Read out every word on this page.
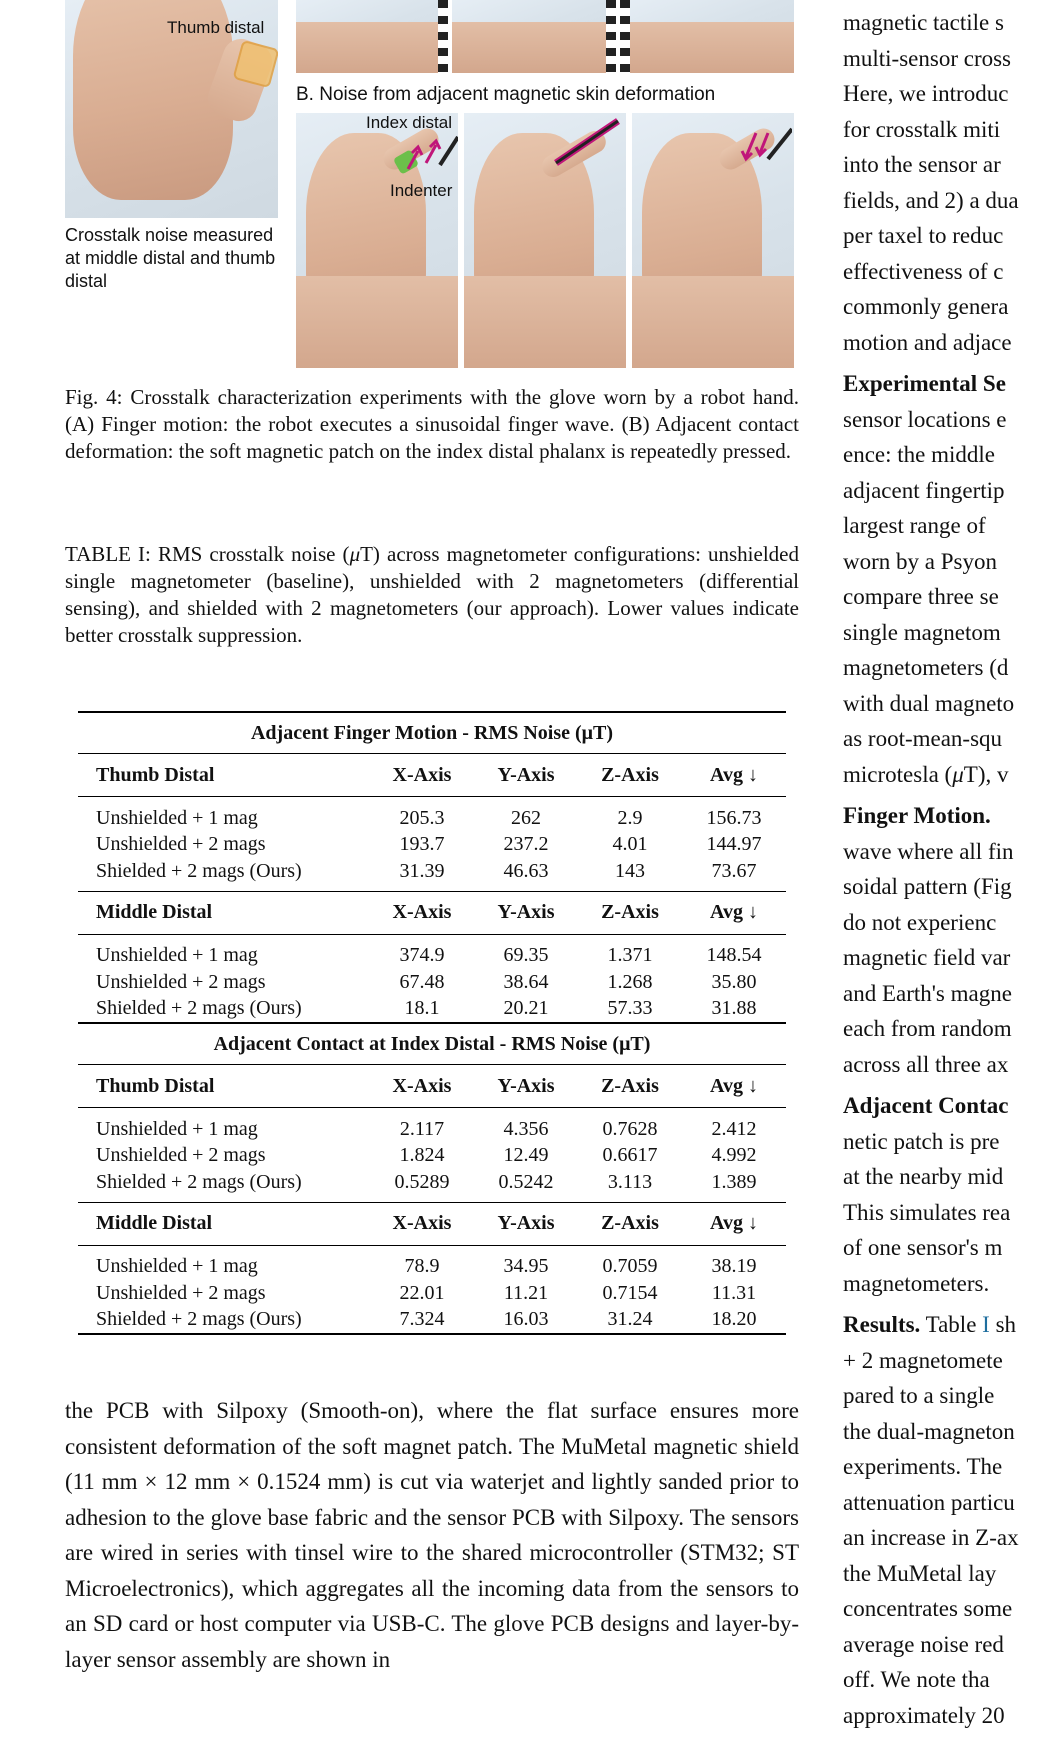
Thumb distal
Crosstalk noise measured at middle distal and thumb distal
B. Noise from adjacent magnetic skin deformation
Index distal
Indenter
Fig. 4: Crosstalk characterization experiments with the glove worn by a robot hand. (A) Finger motion: the robot executes a sinusoidal finger wave. (B) Adjacent contact deformation: the soft magnetic patch on the index distal phalanx is repeatedly pressed.
TABLE I: RMS crosstalk noise (μT) across magnetometer configurations: unshielded single magnetometer (baseline), unshielded with 2 magnetometers (differential sensing), and shielded with 2 magnetometers (our approach). Lower values indicate better crosstalk suppression.
Adjacent Finger Motion - RMS Noise (μT)				
Thumb Distal	X-Axis	Y-Axis	Z-Axis	Avg ↓
Unshielded + 1 mag	205.3	262	2.9	156.73
Unshielded + 2 mags	193.7	237.2	4.01	144.97
Shielded + 2 mags (Ours)	31.39	46.63	143	73.67
Middle Distal	X-Axis	Y-Axis	Z-Axis	Avg ↓
Unshielded + 1 mag	374.9	69.35	1.371	148.54
Unshielded + 2 mags	67.48	38.64	1.268	35.80
Shielded + 2 mags (Ours)	18.1	20.21	57.33	31.88
Adjacent Contact at Index Distal - RMS Noise (μT)				
Thumb Distal	X-Axis	Y-Axis	Z-Axis	Avg ↓
Unshielded + 1 mag	2.117	4.356	0.7628	2.412
Unshielded + 2 mags	1.824	12.49	0.6617	4.992
Shielded + 2 mags (Ours)	0.5289	0.5242	3.113	1.389
Middle Distal	X-Axis	Y-Axis	Z-Axis	Avg ↓
Unshielded + 1 mag	78.9	34.95	0.7059	38.19
Unshielded + 2 mags	22.01	11.21	0.7154	11.31
Shielded + 2 mags (Ours)	7.324	16.03	31.24	18.20
the PCB with Silpoxy (Smooth-on), where the flat surface ensures more consistent deformation of the soft magnet patch. The MuMetal magnetic shield (11 mm × 12 mm × 0.1524 mm) is cut via waterjet and lightly sanded prior to adhesion to the glove base fabric and the sensor PCB with Silpoxy. The sensors are wired in series with tinsel wire to the shared microcontroller (STM32; ST Microelectronics), which aggregates all the incoming data from the sensors to an SD card or host computer via USB-C. The glove PCB designs and layer-by-layer sensor assembly are shown in
magnetic tactile s
multi-sensor cross
Here, we introduc
for crosstalk miti
into the sensor ar
fields, and 2) a dua
per taxel to reduc
effectiveness of c
commonly genera
motion and adjace
Experimental Se
sensor locations e
ence: the middle
adjacent fingertip
largest range of
worn by a Psyon
compare three se
single magnetom
magnetometers (d
with dual magneto
as root-mean-squ
microtesla (μT), v
Finger Motion.
wave where all fin
soidal pattern (Fig
do not experienc
magnetic field var
and Earth's magne
each from random
across all three ax
Adjacent Contac
netic patch is pre
at the nearby mid
This simulates rea
of one sensor's m
magnetometers.
Results. Table I sh
+ 2 magnetomete
pared to a single
the dual-magneton
experiments. The
attenuation particu
an increase in Z-ax
the MuMetal lay
concentrates some
average noise red
off. We note tha
approximately 20
